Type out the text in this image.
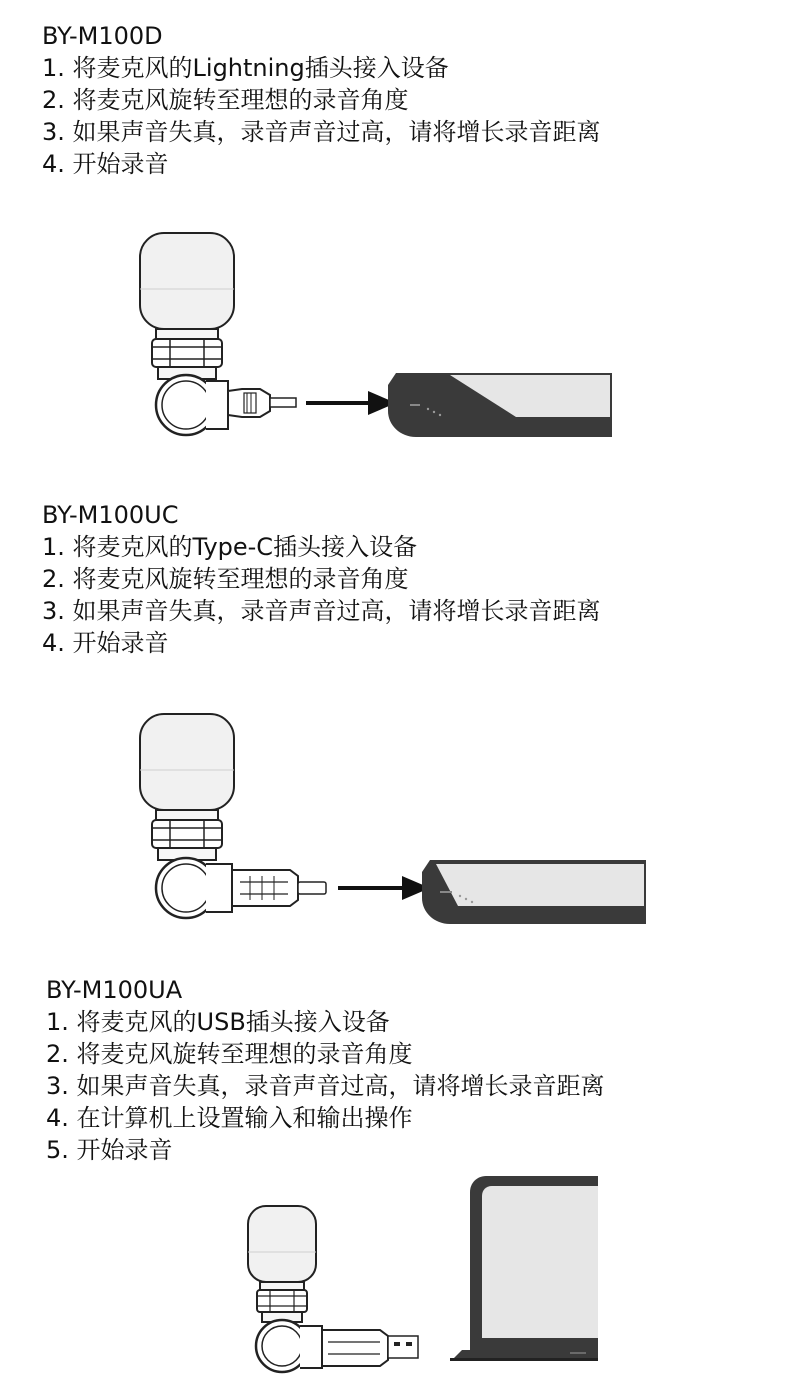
BY-M100D

1. 将麦克风的Lightning插头接入设备

2. 将麦克风旋转至理想的录音角度

3. 如果声音失真，录音声音过高，请将增长录音距离

4. 开始录音

BY-M100UC

1. 将麦克风的Type-C插头接入设备

2. 将麦克风旋转至理想的录音角度

3. 如果声音失真，录音声音过高，请将增长录音距离

4. 开始录音

BY-M100UA

1. 将麦克风的USB插头接入设备

2. 将麦克风旋转至理想的录音角度

3. 如果声音失真，录音声音过高，请将增长录音距离

4. 在计算机上设置输入和输出操作

5. 开始录音
